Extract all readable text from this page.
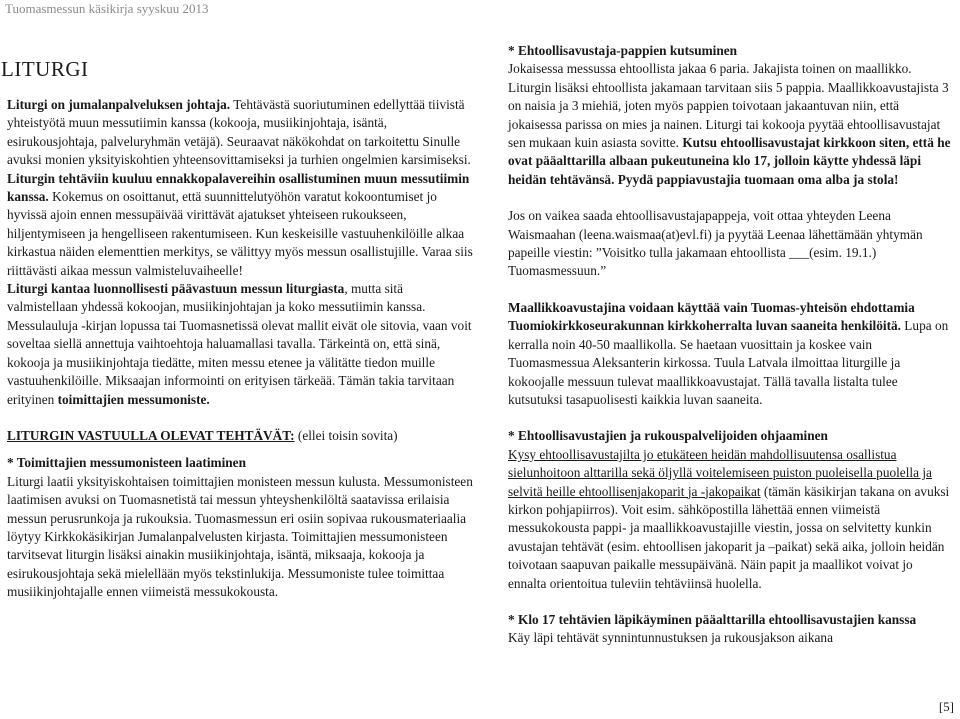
Tuomasmessun käsikirja syyskuu 2013
LITURGI

Liturgi on jumalanpalveluksen johtaja. Tehtävästä suoriutuminen edellyttää tiivistä yhteistyötä muun messutiimin kanssa (kokooja, musiikinjohtaja, isäntä, esirukousjohtaja, palveluryhmän vetäjä). Seuraavat näkökohdat on tarkoitettu Sinulle avuksi monien yksityiskohtien yhteensovittamiseksi ja turhien ongelmien karsimiseksi.

Liturgin tehtäviin kuuluu ennakkopalavereihin osallistuminen muun messutiimin kanssa. Kokemus on osoittanut, että suunnittelutyöhön varatut kokoontumiset jo hyvissä ajoin ennen messupäivää virittävät ajatukset yhteiseen rukoukseen, hiljentymiseen ja hengelliseen rakentumiseen. Kun keskeisille vastuuhenkilöille alkaa kirkastua näiden elementtien merkitys, se välittyy myös messun osallistujille. Varaa siis riittävästi aikaa messun valmisteluvaiheelle!

Liturgi kantaa luonnollisesti päävastuun messun liturgiasta, mutta sitä valmistellaan yhdessä kokoojan, musiikinjohtajan ja koko messutiimin kanssa. Messulauluja -kirjan lopussa tai Tuomasnetissä olevat mallit eivät ole sitovia, vaan voit soveltaa siellä annettuja vaihtoehtoja haluamallasi tavalla. Tärkeintä on, että sinä, kokooja ja musiikinjohtaja tiedätte, miten messu etenee ja välitätte tiedon muille vastuuhenkilöille. Miksaajan informointi on erityisen tärkeää. Tämän takia tarvitaan erityinen toimittajien messumoniste.

LITURGIN VASTUULLA OLEVAT TEHTÄVÄT: (ellei toisin sovita)

* Toimittajien messumonisteen laatiminen

Liturgi laatii yksityiskohtaisen toimittajien monisteen messun kulusta. Messumonisteen laatimisen avuksi on Tuomasnetistä tai messun yhteyshenkilöltä saatavissa erilaisia messun perusrunkoja ja rukouksia. Tuomasmessun eri osiin sopivaa rukousmateriaalia löytyy Kirkkokäsikirjan Jumalanpalvelusten kirjasta. Toimittajien messumonisteen tarvitsevat liturgin lisäksi ainakin musiikinjohtaja, isäntä, miksaaja, kokooja ja esirukousjohtaja sekä mielellään myös tekstinlukija. Messumoniste tulee toimittaa musiikinjohtajalle ennen viimeistä messukokousta.

* Ehtoollisavustaja-pappien kutsuminen

Jokaisessa messussa ehtoollista jakaa 6 paria. Jakajista toinen on maallikko. Liturgin lisäksi ehtoollista jakamaan tarvitaan siis 5 pappia. Maallikkoavustajista 3 on naisia ja 3 miehiä, joten myös pappien toivotaan jakaantuvan niin, että jokaisessa parissa on mies ja nainen. Liturgi tai kokooja pyytää ehtoollisavustajat sen mukaan kuin asiasta sovitte. Kutsu ehtoollisavustajat kirkkoon siten, että he ovat pääalttarilla albaan pukeutuneina klo 17, jolloin käytte yhdessä läpi heidän tehtävänsä. Pyydä pappiavustajia tuomaan oma alba ja stola!

Jos on vaikea saada ehtoollisavustajapappeja, voit ottaa yhteyden Leena Waismaahan (leena.waismaa(at)evl.fi) ja pyytää Leenaa lähettämään yhtymän papeille viestin: ”Voisitko tulla jakamaan ehtoollista ___(esim. 19.1.) Tuomasmessuun.”

Maallikkoavustajina voidaan käyttää vain Tuomas-yhteisön ehdottamia Tuomiokirkkoseurakunnan kirkkoherralta luvan saaneita henkilöitä. Lupa on kerralla noin 40-50 maallikolla. Se haetaan vuosittain ja koskee vain Tuomasmessua Aleksanterin kirkossa. Tuula Latvala ilmoittaa liturgille ja kokoojalle messuun tulevat maallikkoavustajat. Tällä tavalla listalta tulee kutsutuksi tasapuolisesti kaikkia luvan saaneita.

* Ehtoollisavustajien ja rukouspalvelijoiden ohjaaminen

Kysy ehtoollisavustajilta jo etukäteen heidän mahdollisuutensa osallistua sielunhoitoon alttarilla sekä öljyllä voitelemiseen puiston puoleisella puolella ja selvitä heille ehtoollisenjakoparit ja -jakopaikat (tämän käsikirjan takana on avuksi kirkon pohjapiirros). Voit esim. sähköpostilla lähettää ennen viimeistä messukokousta pappi- ja maallikkoavustajille viestin, jossa on selvitetty kunkin avustajan tehtävät (esim. ehtoollisen jakoparit ja –paikat) sekä aika, jolloin heidän toivotaan saapuvan paikalle messupäivänä. Näin papit ja maallikot voivat jo ennalta orientoitua tuleviin tehtäviinsä huolella.

* Klo 17 tehtävien läpikäyminen pääalttarilla ehtoollisavustajien kanssa

Käy läpi tehtävät synnintunnustuksen ja rukousjakson aikana

[5]
